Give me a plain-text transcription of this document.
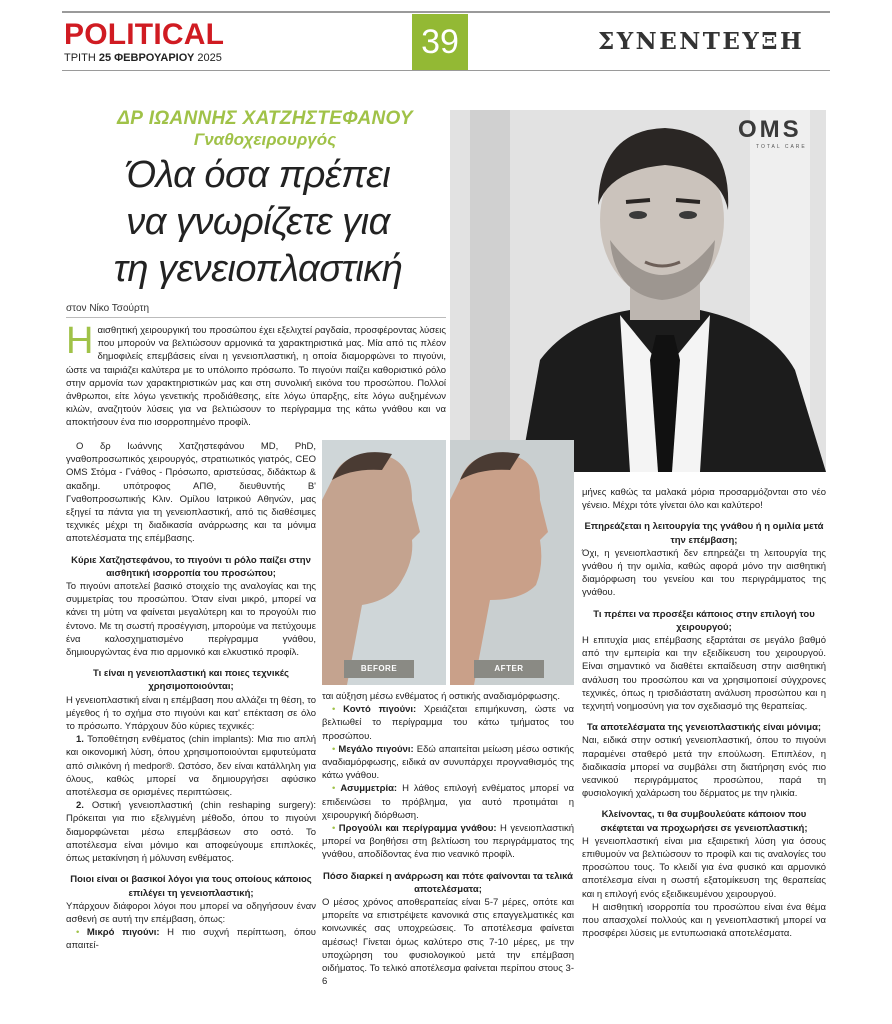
POLITICAL
ΤΡΙΤΗ 25 ΦΕΒΡΟΥΑΡΙΟΥ 2025	39	ΣΥΝΕΝΤΕΥΞΗ
ΔΡ ΙΩΑΝΝΗΣ ΧΑΤΖΗΣΤΕΦΑΝΟΥ
Γναθοχειρουργός
Όλα όσα πρέπει
να γνωρίζετε για
τη γενειοπλαστική
στον Νίκο Τσούρτη
OMS
TOTAL CARE
BEFORE	AFTER

Ηαισθητική χειρουργική του προσώπου έχει εξελιχτεί ραγδαία, προσφέροντας λύσεις που μπορούν να βελτιώσουν αρμονικά τα χαρακτηριστικά μας. Μία από τις πλέον δημοφιλείς επεμβάσεις είναι η γενειοπλαστική, η οποία διαμορφώνει το πιγούνι, ώστε να ταιριάζει καλύτερα με το υπόλοιπο πρόσωπο. Το πιγούνι παίζει καθοριστικό ρόλο στην αρμονία των χαρακτηριστικών μας και στη συνολική εικόνα του προσώπου. Πολλοί άνθρωποι, είτε λόγω γενετικής προδιάθεσης, είτε λόγω ύπαρξης, είτε λόγω αυξημένων κιλών, αναζητούν λύσεις για να βελτιώσουν το περίγραμμα της κάτω γνάθου και να αποκτήσουν ένα πιο ισορροπημένο προφίλ.

Ο δρ Ιωάννης Χατζηστεφάνου MD, PhD, γναθοπροσωπικός χειρουργός, στρατιωτικός γιατρός, CEO OMS Στόμα - Γνάθος - Πρόσωπο, αριστεύσας, διδάκτωρ & ακαδημ. υπότροφος ΑΠΘ, διευθυντής Β' Γναθοπροσωπικής Κλιν. Ομίλου Ιατρικού Αθηνών, μας εξηγεί τα πάντα για τη γενειοπλαστική, από τις διαθέσιμες τεχνικές μέχρι τη διαδικασία ανάρρωσης και τα μόνιμα αποτελέσματα της επέμβασης.

Κύριε Χατζηστεφάνου, το πιγούνι τι ρόλο παίζει στην αισθητική ισορροπία του προσώπου;

Το πιγούνι αποτελεί βασικό στοιχείο της αναλογίας και της συμμετρίας του προσώπου. Όταν είναι μικρό, μπορεί να κάνει τη μύτη να φαίνεται μεγαλύτερη και το προγούλι πιο έντονο. Με τη σωστή προσέγγιση, μπορούμε να πετύχουμε ένα καλοσχηματισμένο περίγραμμα γνάθου, δημιουργώντας ένα πιο αρμονικό και ελκυστικό προφίλ.

Τι είναι η γενειοπλαστική και ποιες τεχνικές χρησιμοποιούνται;

Η γενειοπλαστική είναι η επέμβαση που αλλάζει τη θέση, το μέγεθος ή το σχήμα στο πιγούνι και κατ' επέκταση σε όλο το πρόσωπο. Υπάρχουν δύο κύριες τεχνικές:

1. Τοποθέτηση ενθέματος (chin implants): Μια πιο απλή και οικονομική λύση, όπου χρησιμοποιούνται εμφυτεύματα από σιλικόνη ή medpor®. Ωστόσο, δεν είναι κατάλληλη για όλους, καθώς μπορεί να δημιουργήσει αφύσικο αποτέλεσμα σε ορισμένες περιπτώσεις.

2. Οστική γενειοπλαστική (chin reshaping surgery): Πρόκειται για πιο εξελιγμένη μέθοδο, όπου το πιγούνι διαμορφώνεται μέσω επεμβάσεων στο οστό. Το αποτέλεσμα είναι μόνιμο και αποφεύγουμε επιπλοκές, όπως μετακίνηση ή μόλυνση ενθέματος.

Ποιοι είναι οι βασικοί λόγοι για τους οποίους κάποιος επιλέγει τη γενειοπλαστική;

Υπάρχουν διάφοροι λόγοι που μπορεί να οδηγήσουν έναν ασθενή σε αυτή την επέμβαση, όπως:

• Μικρό πιγούνι: Η πιο συχνή περίπτωση, όπου απαιτεί-

ται αύξηση μέσω ενθέματος ή οστικής αναδιαμόρφωσης.

• Κοντό πιγούνι: Χρειάζεται επιμήκυνση, ώστε να βελτιωθεί το περίγραμμα του κάτω τμήματος του προσώπου.

• Μεγάλο πιγούνι: Εδώ απαιτείται μείωση μέσω οστικής αναδιαμόρφωσης, ειδικά αν συνυπάρχει προγναθισμός της κάτω γνάθου.

• Ασυμμετρία: Η λάθος επιλογή ενθέματος μπορεί να επιδεινώσει το πρόβλημα, για αυτό προτιμάται η χειρουργική διόρθωση.

• Προγούλι και περίγραμμα γνάθου: Η γενειοπλαστική μπορεί να βοηθήσει στη βελτίωση του περιγράμματος της γνάθου, αποδίδοντας ένα πιο νεανικό προφίλ.

Πόσο διαρκεί η ανάρρωση και πότε φαίνονται τα τελικά αποτελέσματα;

Ο μέσος χρόνος αποθεραπείας είναι 5-7 μέρες, οπότε και μπορείτε να επιστρέψετε κανονικά στις επαγγελματικές και κοινωνικές σας υποχρεώσεις. Το αποτέλεσμα φαίνεται αμέσως! Γίνεται όμως καλύτερο στις 7-10 μέρες, με την υποχώρηση του φυσιολογικού μετά την επέμβαση οιδήματος. Το τελικό αποτέλεσμα φαίνεται περίπου στους 3-6

μήνες καθώς τα μαλακά μόρια προσαρμόζονται στο νέο γένειο. Μέχρι τότε γίνεται όλο και καλύτερο!

Επηρεάζεται η λειτουργία της γνάθου ή η ομιλία μετά την επέμβαση;

Όχι, η γενειοπλαστική δεν επηρεάζει τη λειτουργία της γνάθου ή την ομιλία, καθώς αφορά μόνο την αισθητική διαμόρφωση του γενείου και του περιγράμματος της γνάθου.

Τι πρέπει να προσέξει κάποιος στην επιλογή του χειρουργού;

Η επιτυχία μιας επέμβασης εξαρτάται σε μεγάλο βαθμό από την εμπειρία και την εξειδίκευση του χειρουργού. Είναι σημαντικό να διαθέτει εκπαίδευση στην αισθητική ανάλυση του προσώπου και να χρησιμοποιεί σύγχρονες τεχνικές, όπως η τρισδιάστατη ανάλυση προσώπου και η τεχνητή νοημοσύνη για τον σχεδιασμό της θεραπείας.

Τα αποτελέσματα της γενειοπλαστικής είναι μόνιμα;

Ναι, ειδικά στην οστική γενειοπλαστική, όπου το πιγούνι παραμένει σταθερό μετά την επούλωση. Επιπλέον, η διαδικασία μπορεί να συμβάλει στη διατήρηση ενός πιο νεανικού περιγράμματος προσώπου, παρά τη φυσιολογική χαλάρωση του δέρματος με την ηλικία.

Κλείνοντας, τι θα συμβουλεύατε κάποιον που σκέφτεται να προχωρήσει σε γενειοπλαστική;

Η γενειοπλαστική είναι μια εξαιρετική λύση για όσους επιθυμούν να βελτιώσουν το προφίλ και τις αναλογίες του προσώπου τους. Το κλειδί για ένα φυσικό και αρμονικό αποτέλεσμα είναι η σωστή εξατομίκευση της θεραπείας και η επιλογή ενός εξειδικευμένου χειρουργού.

Η αισθητική ισορροπία του προσώπου είναι ένα θέμα που απασχολεί πολλούς και η γενειοπλαστική μπορεί να προσφέρει λύσεις με εντυπωσιακά αποτελέσματα.
